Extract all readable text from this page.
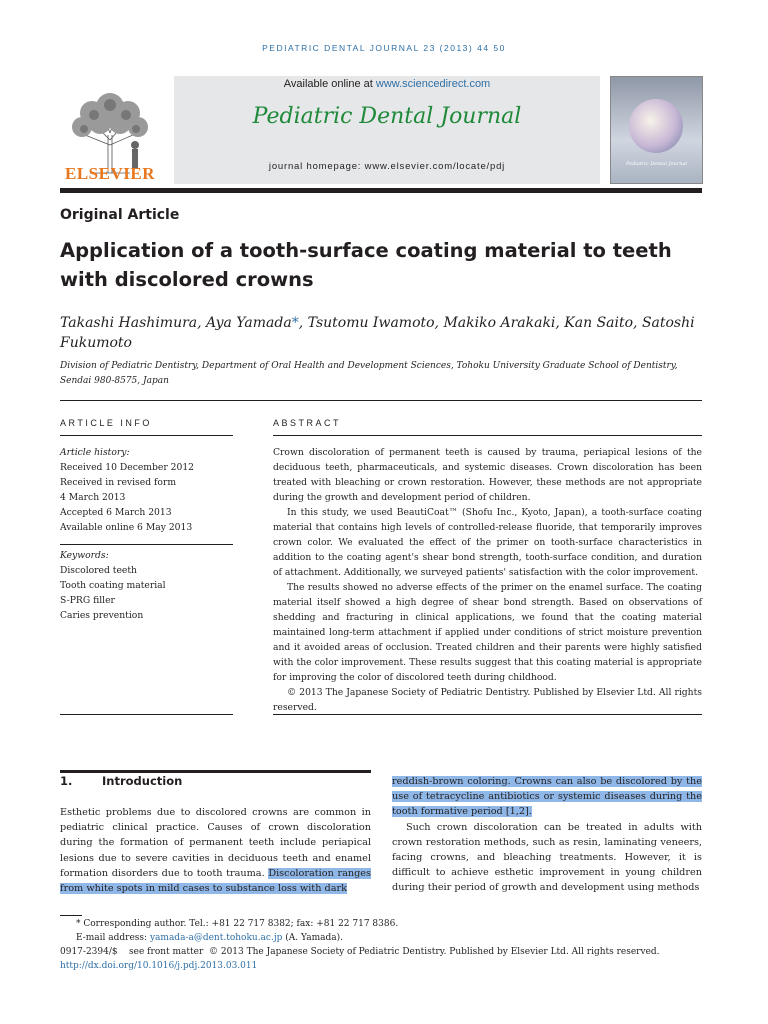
PEDIATRIC DENTAL JOURNAL 23 (2013) 44 50
ELSEVIER
Available online at www.sciencedirect.com
Pediatric Dental Journal
journal homepage: www.elsevier.com/locate/pdj	Pediatric Dental Journal
Original Article
Application of a tooth-surface coating material to teeth with discolored crowns
Takashi Hashimura, Aya Yamada*, Tsutomu Iwamoto, Makiko Arakaki, Kan Saito, Satoshi Fukumoto
Division of Pediatric Dentistry, Department of Oral Health and Development Sciences, Tohoku University Graduate School of Dentistry, Sendai 980-8575, Japan
ARTICLE INFO	ABSTRACT
Article history:
Received 10 December 2012
Received in revised form
4 March 2013
Accepted 6 March 2013
Available online 6 May 2013
Keywords:
Discolored teeth
Tooth coating material
S-PRG filler
Caries prevention

Crown discoloration of permanent teeth is caused by trauma, periapical lesions of the deciduous teeth, pharmaceuticals, and systemic diseases. Crown discoloration has been treated with bleaching or crown restoration. However, these methods are not appropriate during the growth and development period of children.

In this study, we used BeautiCoat™ (Shofu Inc., Kyoto, Japan), a tooth-surface coating material that contains high levels of controlled-release fluoride, that temporarily improves crown color. We evaluated the effect of the primer on tooth-surface characteristics in addition to the coating agent's shear bond strength, tooth-surface condition, and duration of attachment. Additionally, we surveyed patients' satisfaction with the color improvement.

The results showed no adverse effects of the primer on the enamel surface. The coating material itself showed a high degree of shear bond strength. Based on observations of shedding and fracturing in clinical applications, we found that the coating material maintained long-term attachment if applied under conditions of strict moisture prevention and it avoided areas of occlusion. Treated children and their parents were highly satisfied with the color improvement. These results suggest that this coating material is appropriate for improving the color of discolored teeth during childhood.

© 2013 The Japanese Society of Pediatric Dentistry. Published by Elsevier Ltd. All rights reserved.

1.	Introduction

Esthetic problems due to discolored crowns are common in pediatric clinical practice. Causes of crown discoloration during the formation of permanent teeth include periapical lesions due to severe cavities in deciduous teeth and enamel formation disorders due to tooth trauma. Discoloration ranges from white spots in mild cases to substance loss with dark

reddish-brown coloring. Crowns can also be discolored by the use of tetracycline antibiotics or systemic diseases during the tooth formative period [1,2].

Such crown discoloration can be treated in adults with crown restoration methods, such as resin, laminating veneers, facing crowns, and bleaching treatments. However, it is difficult to achieve esthetic improvement in young children during their period of growth and development using methods

* Corresponding author. Tel.: +81 22 717 8382; fax: +81 22 717 8386.
E-mail address: yamada-a@dent.tohoku.ac.jp (A. Yamada).
0917-2394/$    see front matter  © 2013 The Japanese Society of Pediatric Dentistry. Published by Elsevier Ltd. All rights reserved.
http://dx.doi.org/10.1016/j.pdj.2013.03.011
